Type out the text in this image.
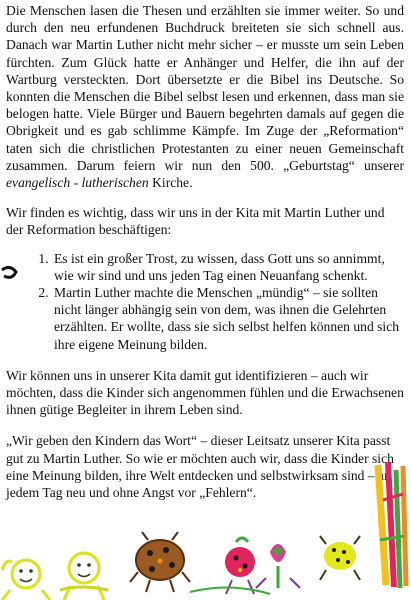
Die Menschen lasen die Thesen und erzählten sie immer weiter. So und durch den neu erfundenen Buchdruck breiteten sie sich schnell aus. Danach war Martin Luther nicht mehr sicher – er musste um sein Leben fürchten. Zum Glück hatte er Anhänger und Helfer, die ihn auf der Wartburg versteckten. Dort übersetzte er die Bibel ins Deutsche. So konnten die Menschen die Bibel selbst lesen und erkennen, dass man sie belogen hatte. Viele Bürger und Bauern begehrten damals auf gegen die Obrigkeit und es gab schlimme Kämpfe. Im Zuge der „Reformation“ taten sich die christlichen Protestanten zu einer neuen Gemeinschaft zusammen. Darum feiern wir nun den 500. „Geburtstag“ unserer evangelisch - lutherischen Kirche.

Wir finden es wichtig, dass wir uns in der Kita mit Martin Luther und der Reformation beschäftigen:

1. Es ist ein großer Trost, zu wissen, dass Gott uns so annimmt, wie wir sind und uns jeden Tag einen Neuanfang schenkt.
2. Martin Luther machte die Menschen „mündig“ – sie sollten nicht länger abhängig sein von dem, was ihnen die Gelehrten erzählten. Er wollte, dass sie sich selbst helfen können und sich ihre eigene Meinung bilden.

Wir können uns in unserer Kita damit gut identifizieren – auch wir möchten, dass die Kinder sich angenommen fühlen und die Erwachsenen ihnen gütige Begleiter in ihrem Leben sind.

„Wir geben den Kindern das Wort“ – dieser Leitsatz unserer Kita passt gut zu Martin Luther. So wie er möchten auch wir, dass die Kinder sich eine Meinung bilden, ihre Welt entdecken und selbstwirksam sind – an jedem Tag neu und ohne Angst vor „Fehlern“.
